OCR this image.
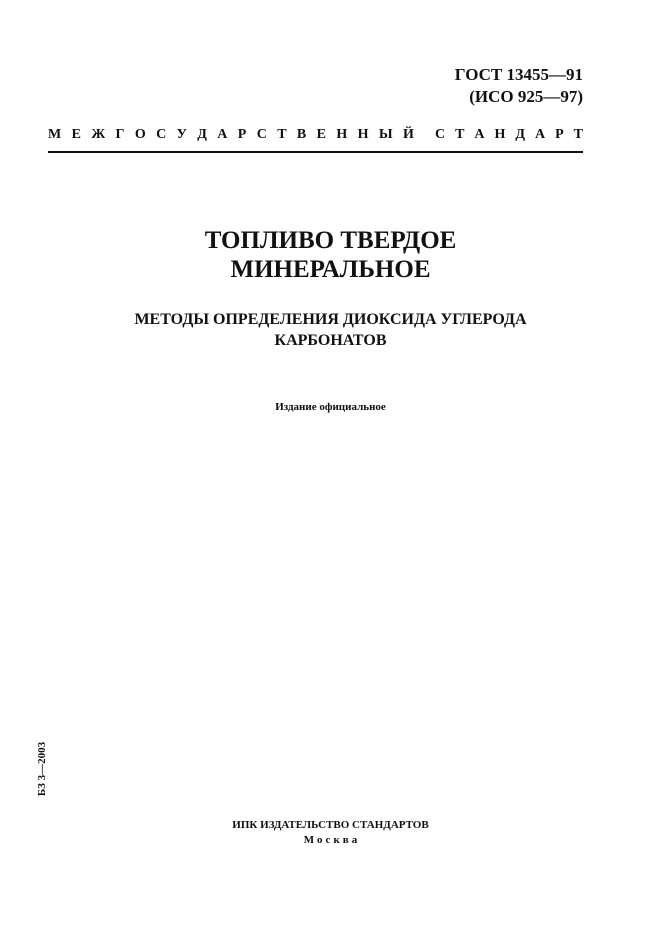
ГОСТ 13455—91
(ИСО 925—97)
М Е Ж Г О С У Д А Р С Т В Е Н Н Ы Й С Т А Н Д А Р Т
ТОПЛИВО ТВЕРДОЕ
МИНЕРАЛЬНОЕ
МЕТОДЫ ОПРЕДЕЛЕНИЯ ДИОКСИДА УГЛЕРОДА
КАРБОНАТОВ
Издание официальное
БЗ 3—2003
ИПК ИЗДАТЕЛЬСТВО СТАНДАРТОВ
Москва
